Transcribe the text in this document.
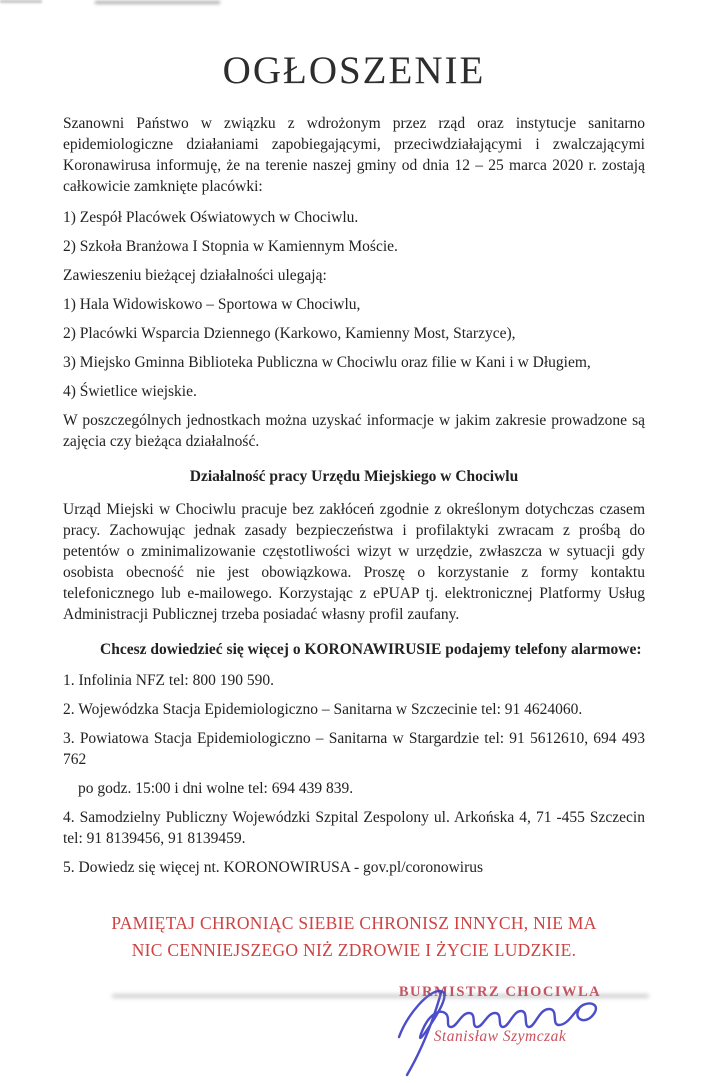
OGŁOSZENIE

Szanowni Państwo w związku z wdrożonym przez rząd oraz instytucje sanitarno epidemiologiczne działaniami zapobiegającymi, przeciwdziałającymi i zwalczającymi Koronawirusa informuję, że na terenie naszej gminy od dnia 12 – 25 marca 2020 r. zostają całkowicie zamknięte placówki:

1) Zespół Placówek Oświatowych w Chociwlu.

2) Szkoła Branżowa I Stopnia w Kamiennym Moście.

Zawieszeniu bieżącej działalności ulegają:

1) Hala Widowiskowo – Sportowa w Chociwlu,

2) Placówki Wsparcia Dziennego (Karkowo, Kamienny Most, Starzyce),

3) Miejsko Gminna Biblioteka Publiczna w Chociwlu oraz filie w Kani i w Długiem,

4) Świetlice wiejskie.

W poszczególnych jednostkach można uzyskać informacje w jakim zakresie prowadzone są zajęcia czy bieżąca działalność.

Działalność pracy Urzędu Miejskiego w Chociwlu

Urząd Miejski w Chociwlu pracuje bez zakłóceń zgodnie z określonym dotychczas czasem pracy. Zachowując jednak zasady bezpieczeństwa i profilaktyki zwracam z prośbą do petentów o zminimalizowanie częstotliwości wizyt w urzędzie, zwłaszcza w sytuacji gdy osobista obecność nie jest obowiązkowa. Proszę o korzystanie z formy kontaktu telefonicznego lub e-mailowego. Korzystając z ePUAP tj. elektronicznej Platformy Usług Administracji Publicznej trzeba posiadać własny profil zaufany.

Chcesz dowiedzieć się więcej o KORONAWIRUSIE podajemy telefony alarmowe:

1. Infolinia NFZ tel: 800 190 590.

2. Wojewódzka Stacja Epidemiologiczno – Sanitarna w Szczecinie tel: 91 4624060.

3. Powiatowa Stacja Epidemiologiczno – Sanitarna w Stargardzie tel: 91 5612610, 694 493 762

po godz. 15:00 i dni wolne tel: 694 439 839.

4. Samodzielny Publiczny Wojewódzki Szpital Zespolony ul. Arkońska 4, 71 -455 Szczecin tel: 91 8139456, 91 8139459.

5. Dowiedz się więcej nt. KORONOWIRUSA - gov.pl/coronowirus

PAMIĘTAJ CHRONIĄC SIEBIE CHRONISZ INNYCH, NIE MA
NIC CENNIEJSZEGO NIŻ ZDROWIE I ŻYCIE LUDZKIE.
BURMISTRZ CHOCIWLA
Stanisław Szymczak
